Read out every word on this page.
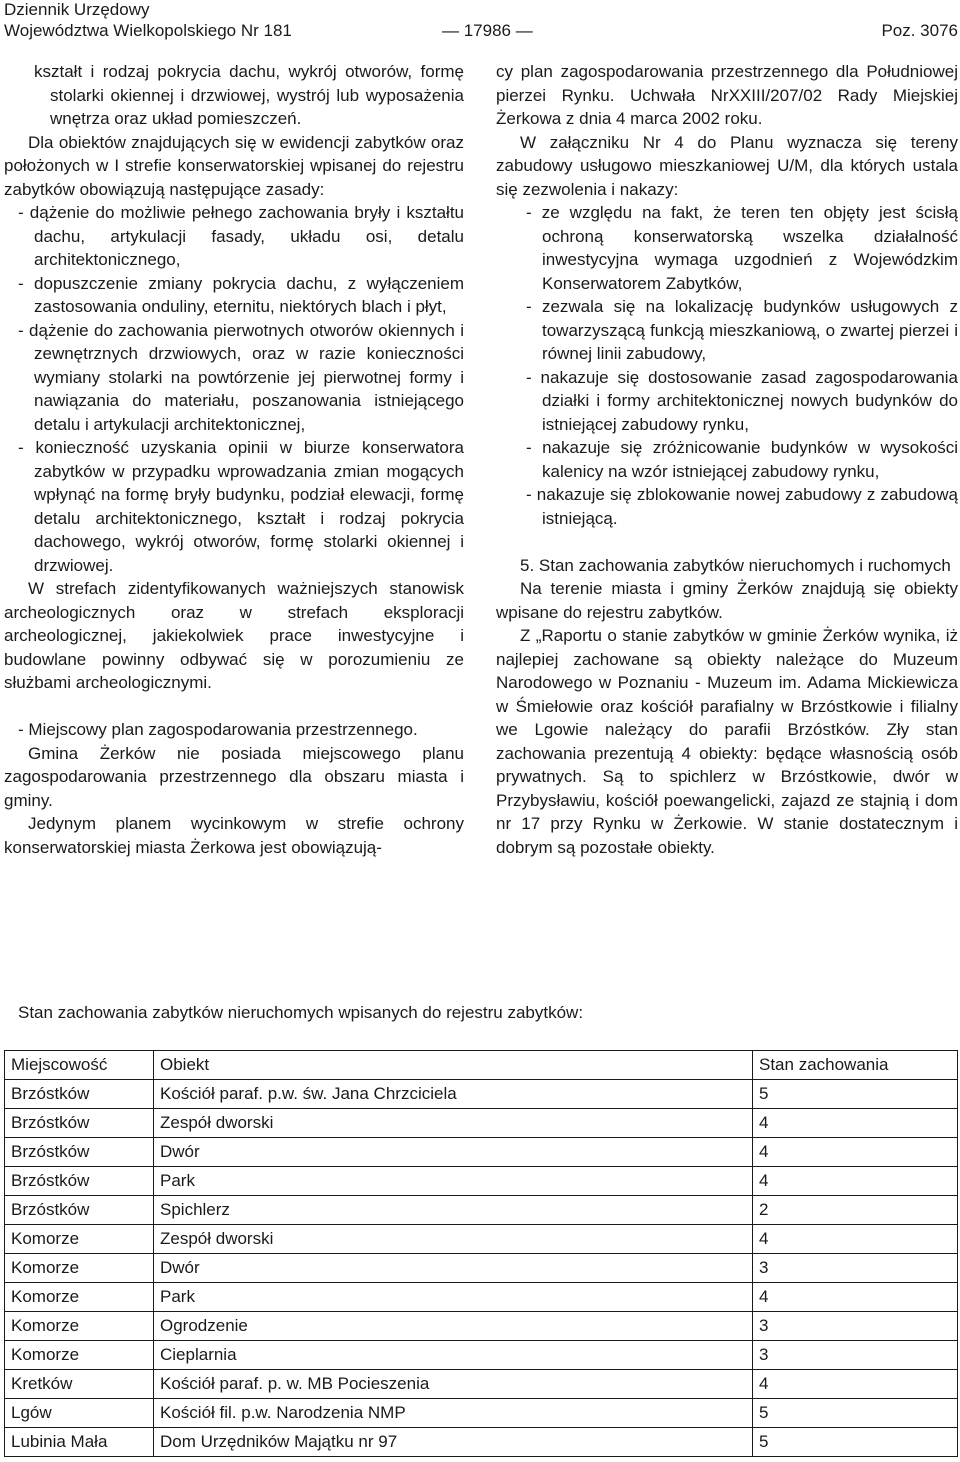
Dziennik Urzędowy
Województwa Wielkopolskiego Nr 181	— 17986 —	Poz. 3076

kształt i rodzaj pokrycia dachu, wykrój otworów, formę stolarki okiennej i drzwiowej, wystrój lub wyposażenia wnętrza oraz układ pomieszczeń.

Dla obiektów znajdujących się w ewidencji zabytków oraz położonych w I strefie konserwatorskiej wpisanej do rejestru zabytków obowiązują następujące zasady:

- dążenie do możliwie pełnego zachowania bryły i kształtu dachu, artykulacji fasady, układu osi, detalu architektonicznego,

- dopuszczenie zmiany pokrycia dachu, z wyłączeniem zastosowania onduliny, eternitu, niektórych blach i płyt,

- dążenie do zachowania pierwotnych otworów okiennych i zewnętrznych drzwiowych, oraz w razie konieczności wymiany stolarki na powtórzenie jej pierwotnej formy i nawiązania do materiału, poszanowania istniejącego detalu i artykulacji architektonicznej,

- konieczność uzyskania opinii w biurze konserwatora zabytków w przypadku wprowadzania zmian mogących wpłynąć na formę bryły budynku, podział elewacji, formę detalu architektonicznego, kształt i rodzaj pokrycia dachowego, wykrój otworów, formę stolarki okiennej i drzwiowej.

W strefach zidentyfikowanych ważniejszych stanowisk archeologicznych oraz w strefach eksploracji archeologicznej, jakiekolwiek prace inwestycyjne i budowlane powinny odbywać się w porozumieniu ze służbami archeologicznymi.

- Miejscowy plan zagospodarowania przestrzennego.

Gmina Żerków nie posiada miejscowego planu zagospodarowania przestrzennego dla obszaru miasta i gminy.

Jedynym planem wycinkowym w strefie ochrony konserwatorskiej miasta Żerkowa jest obowiązują-

cy plan zagospodarowania przestrzennego dla Południowej pierzei Rynku. Uchwała NrXXIII/207/02 Rady Miejskiej Żerkowa z dnia 4 marca 2002 roku.

W załączniku Nr 4 do Planu wyznacza się tereny zabudowy usługowo mieszkaniowej U/M, dla których ustala się zezwolenia i nakazy:

- ze względu na fakt, że teren ten objęty jest ścisłą ochroną konserwatorską wszelka działalność inwestycyjna wymaga uzgodnień z Wojewódzkim Konserwatorem Zabytków,

- zezwala się na lokalizację budynków usługowych z towarzyszącą funkcją mieszkaniową, o zwartej pierzei i równej linii zabudowy,

- nakazuje się dostosowanie zasad zagospodarowania działki i formy architektonicznej nowych budynków do istniejącej zabudowy rynku,

- nakazuje się zróżnicowanie budynków w wysokości kalenicy na wzór istniejącej zabudowy rynku,

- nakazuje się zblokowanie nowej zabudowy z zabudową istniejącą.

5. Stan zachowania zabytków nieruchomych i ruchomych

Na terenie miasta i gminy Żerków znajdują się obiekty wpisane do rejestru zabytków.

Z „Raportu o stanie zabytków w gminie Żerków wynika, iż najlepiej zachowane są obiekty należące do Muzeum Narodowego w Poznaniu - Muzeum im. Adama Mickiewicza w Śmiełowie oraz kościół parafialny w Brzóstkowie i filialny we Lgowie należący do parafii Brzóstków. Zły stan zachowania prezentują 4 obiekty: będące własnością osób prywatnych. Są to spichlerz w Brzóstkowie, dwór w Przybysławiu, kościół poewangelicki, zajazd ze stajnią i dom nr 17 przy Rynku w Żerkowie. W stanie dostatecznym i dobrym są pozostałe obiekty.

Stan zachowania zabytków nieruchomych wpisanych do rejestru zabytków:
Miejscowość	Obiekt	Stan zachowania
Brzóstków	Kościół paraf. p.w. św. Jana Chrzciciela	5
Brzóstków	Zespół dworski	4
Brzóstków	Dwór	4
Brzóstków	Park	4
Brzóstków	Spichlerz	2
Komorze	Zespół dworski	4
Komorze	Dwór	3
Komorze	Park	4
Komorze	Ogrodzenie	3
Komorze	Cieplarnia	3
Kretków	Kościół paraf. p. w. MB Pocieszenia	4
Lgów	Kościół fil. p.w. Narodzenia NMP	5
Lubinia Mała	Dom Urzędników Majątku nr 97	5
